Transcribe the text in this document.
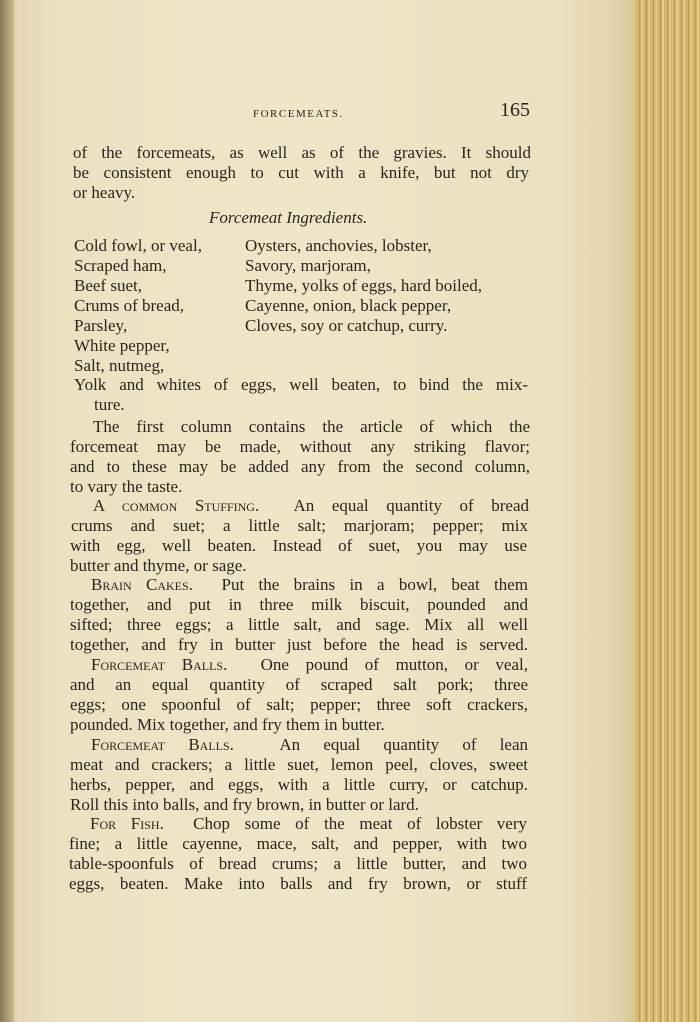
FORCEMEATS.	165
of the forcemeats, as well as of the gravies. It should
be consistent enough to cut with a knife, but not dry
or heavy.
Forcemeat Ingredients.
Cold fowl, or veal,
Scraped ham,
Beef suet,
Crums of bread,
Parsley,
White pepper,
Salt, nutmeg,
Oysters, anchovies, lobster,
Savory, marjoram,
Thyme, yolks of eggs, hard boiled,
Cayenne, onion, black pepper,
Cloves, soy or catchup, curry.
Yolk and whites of eggs, well beaten, to bind the mix-
ture.
The first column contains the article of which the
forcemeat may be made, without any striking flavor;
and to these may be added any from the second column,
to vary the taste.
A common Stuffing. An equal quantity of bread
crums and suet; a little salt; marjoram; pepper; mix
with egg, well beaten. Instead of suet, you may use
butter and thyme, or sage.
Brain Cakes. Put the brains in a bowl, beat them
together, and put in three milk biscuit, pounded and
sifted; three eggs; a little salt, and sage. Mix all well
together, and fry in butter just before the head is served.
Forcemeat Balls. One pound of mutton, or veal,
and an equal quantity of scraped salt pork; three
eggs; one spoonful of salt; pepper; three soft crackers,
pounded. Mix together, and fry them in butter.
Forcemeat Balls.	An equal quantity of lean
meat and crackers; a little suet, lemon peel, cloves, sweet
herbs, pepper, and eggs, with a little curry, or catchup.
Roll this into balls, and fry brown, in butter or lard.
For Fish. Chop some of the meat of lobster very
fine; a little cayenne, mace, salt, and pepper, with two
table-spoonfuls of bread crums; a little butter, and two
eggs, beaten. Make into balls and fry brown, or stuff
